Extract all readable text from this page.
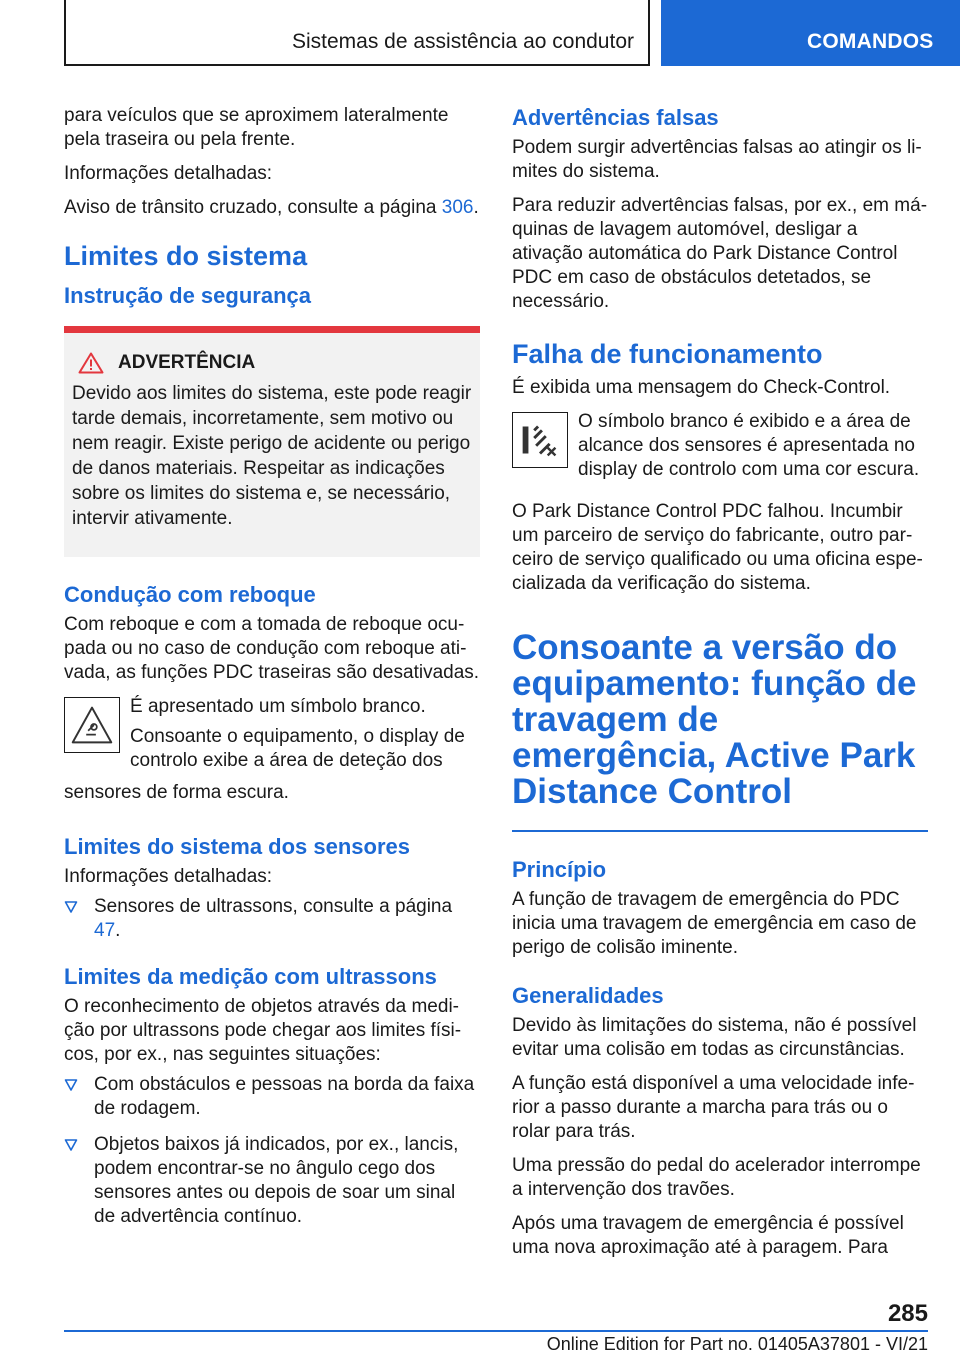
Sistemas de assistência ao condutor	COMANDOS

para veículos que se aproximem lateralmente pela traseira ou pela frente.

Informações detalhadas:

Aviso de trânsito cruzado, consulte a página 306.

Limites do sistema
Instrução de segurança
ADVERTÊNCIA

Devido aos limites do sistema, este pode reagir tarde demais, incorretamente, sem motivo ou nem reagir. Existe perigo de acidente ou perigo de danos materiais. Respeitar as indicações sobre os limites do sistema e, se necessário, intervir ativamente.

Condução com reboque

Com reboque e com a tomada de reboque ocupada ou no caso de condução com reboque ativada, as funções PDC traseiras são desativadas.

É apresentado um símbolo branco.

Consoante o equipamento, o display de controlo exibe a área de deteção dos

sensores de forma escura.

Limites do sistema dos sensores

Informações detalhadas:

Sensores de ultrassons, consulte a página 47.
Limites da medição com ultrassons

O reconhecimento de objetos através da medição por ultrassons pode chegar aos limites físicos, por ex., nas seguintes situações:

Com obstáculos e pessoas na borda da faixa de rodagem.
Objetos baixos já indicados, por ex., lancis, podem encontrar-se no ângulo cego dos sensores antes ou depois de soar um sinal de advertência contínuo.
Advertências falsas

Podem surgir advertências falsas ao atingir os limites do sistema.

Para reduzir advertências falsas, por ex., em máquinas de lavagem automóvel, desligar a ativação automática do Park Distance Control PDC em caso de obstáculos detetados, se necessário.

Falha de funcionamento

É exibida uma mensagem do Check-Control.

O símbolo branco é exibido e a área de alcance dos sensores é apresentada no display de controlo com uma cor escura.

O Park Distance Control PDC falhou. Incumbir um parceiro de serviço do fabricante, outro parceiro de serviço qualificado ou uma oficina especializada da verificação do sistema.

Consoante a versão do equipamento: função de travagem de emergência, Active Park Distance Control
Princípio

A função de travagem de emergência do PDC inicia uma travagem de emergência em caso de perigo de colisão iminente.

Generalidades

Devido às limitações do sistema, não é possível evitar uma colisão em todas as circunstâncias.

A função está disponível a uma velocidade inferior a passo durante a marcha para trás ou o rolar para trás.

Uma pressão do pedal do acelerador interrompe a intervenção dos travões.

Após uma travagem de emergência é possível uma nova aproximação até à paragem. Para

285
Online Edition for Part no. 01405A37801 - VI/21
